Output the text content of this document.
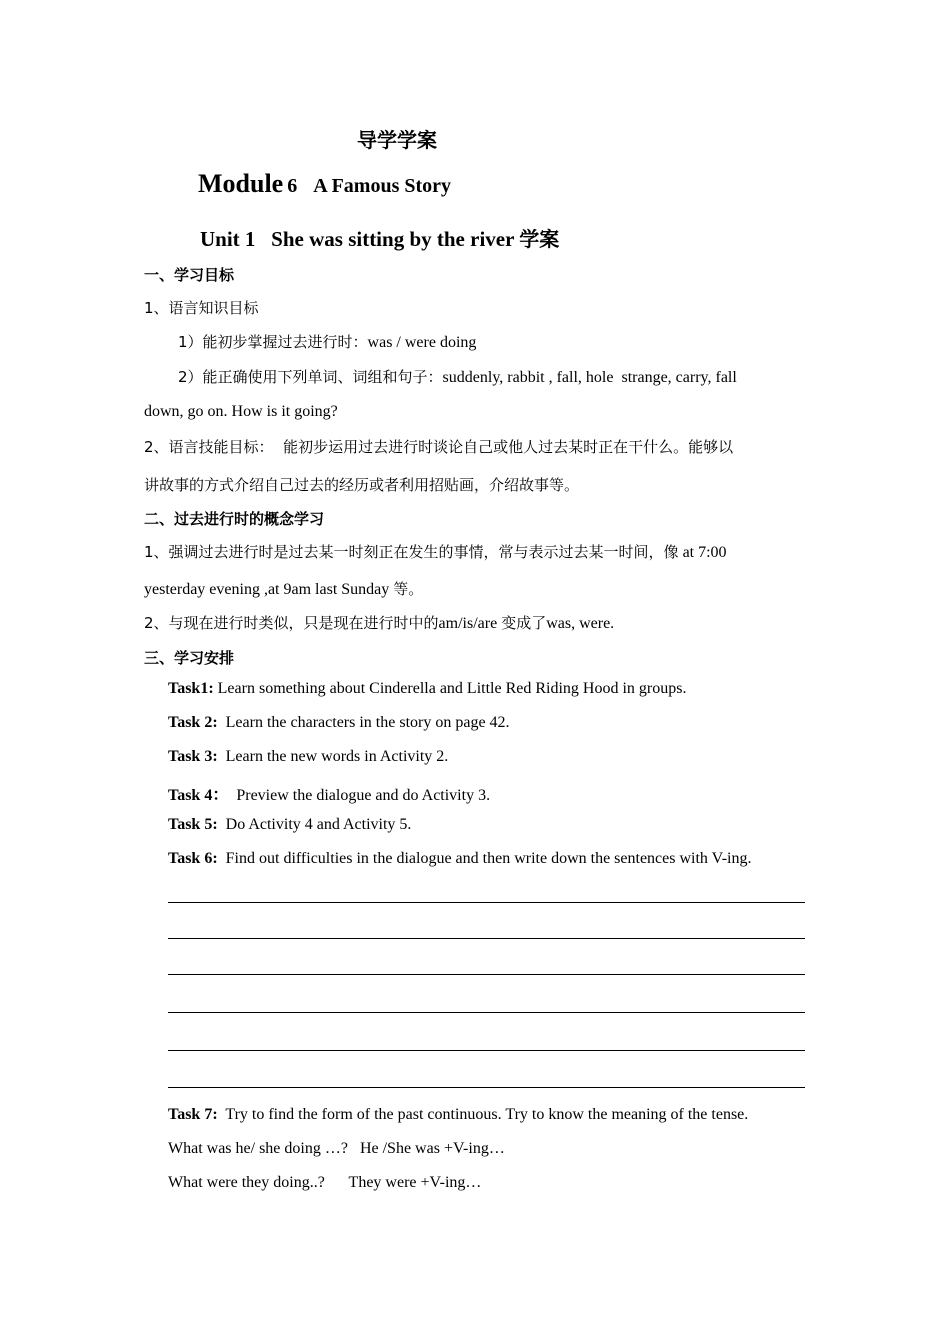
导学学案
Module 6 A Famous Story
Unit 1   She was sitting by the river 学案
一、学习目标
1、语言知识目标
1）能初步掌握过去进行时：was / were doing
2）能正确使用下列单词、词组和句子：suddenly, rabbit , fall, hole  strange, carry, fall
down, go on. How is it going?
2、语言技能目标：  能初步运用过去进行时谈论自己或他人过去某时正在干什么。能够以
讲故事的方式介绍自己过去的经历或者利用招贴画，介绍故事等。
二、过去进行时的概念学习
1、强调过去进行时是过去某一时刻正在发生的事情，常与表示过去某一时间，像 at 7:00
yesterday evening ,at 9am last Sunday 等。
2、与现在进行时类似，只是现在进行时中的am/is/are 变成了was, were.
三、学习安排
Task1: Learn something about Cinderella and Little Red Riding Hood in groups.
Task 2:  Learn the characters in the story on page 42.
Task 3:  Learn the new words in Activity 2.
Task 4：  Preview the dialogue and do Activity 3.
Task 5:  Do Activity 4 and Activity 5.
Task 6:  Find out difficulties in the dialogue and then write down the sentences with V-ing.
Task 7:  Try to find the form of the past continuous. Try to know the meaning of the tense.
What was he/ she doing …? He /She was +V-ing…
What were they doing..? They were +V-ing…
